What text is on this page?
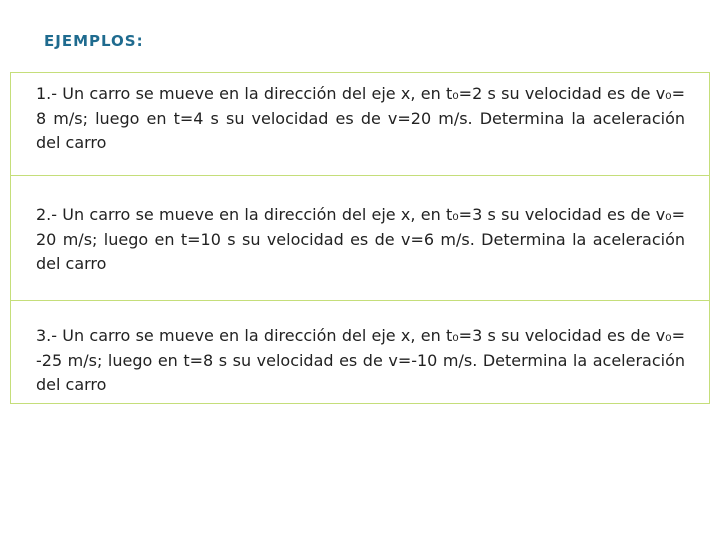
EJEMPLOS:

1.- Un carro se mueve en la dirección del eje x, en t₀=2 s su velocidad es de v₀= 8 m/s; luego en t=4 s su velocidad es de v=20 m/s. Determina la aceleración del carro

2.- Un carro se mueve en la dirección del eje x, en t₀=3 s su velocidad es de v₀= 20 m/s; luego en t=10 s su velocidad es de v=6 m/s. Determina la aceleración del carro

3.- Un carro se mueve en la dirección del eje x, en t₀=3 s su velocidad es de v₀= -25 m/s; luego en t=8 s su velocidad es de v=-10 m/s. Determina la aceleración del carro
